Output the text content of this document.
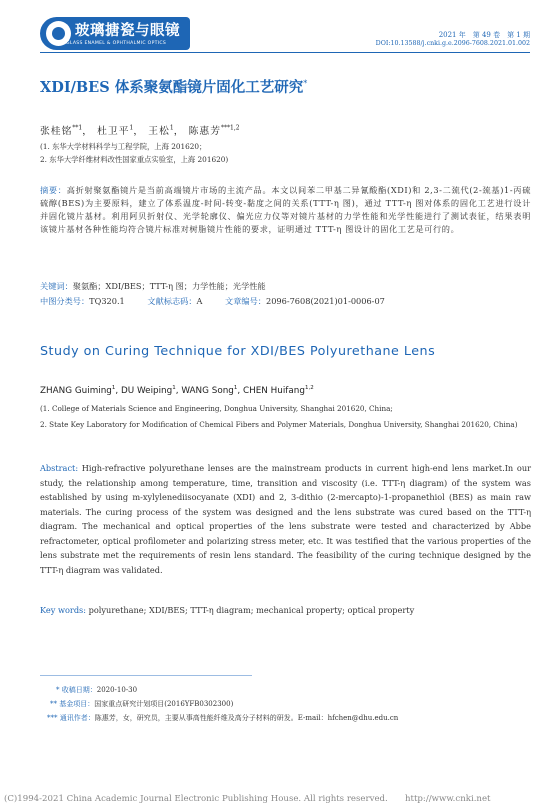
玻璃搪瓷与眼镜
GLASS ENAMEL & OPHTHALMIC OPTICS
2021 年　第 49 卷　第 1 期
DOI:10.13588/j.cnki.g.e.2096-7608.2021.01.002
XDI/BES 体系聚氨酯镜片固化工艺研究*
张桂铭$^{**1}$， 杜卫平$^1$， 王松$^1$， 陈惠芳$^{***1,2}$
(1. 东华大学材料科学与工程学院，上海 201620；
2. 东华大学纤维材料改性国家重点实验室，上海 201620)
摘要：高折射聚氨酯镜片是当前高端镜片市场的主流产品。本文以间苯二甲基二异氰酸酯(XDI)和 2,3-二巯代(2-巯基)1-丙硫硫醇(BES)为主要原料，建立了体系温度-时间-转变-黏度之间的关系(TTT-η 图)，通过 TTT-η 图对体系的固化工艺进行设计并固化镜片基材。利用阿贝折射仪、光学轮廓仪、偏光应力仪等对镜片基材的力学性能和光学性能进行了测试表征，结果表明该镜片基材各种性能均符合镜片标准对树脂镜片性能的要求，证明通过 TTT-η 图设计的固化工艺是可行的。
关键词：聚氨酯；XDI/BES；TTT-η 图；力学性能；光学性能
中图分类号：TQ320.1	文献标志码：A	文章编号：2096-7608(2021)01-0006-07
Study on Curing Technique for XDI/BES Polyurethane Lens
ZHANG Guiming$^1$, DU Weiping$^1$, WANG Song$^1$, CHEN Huifang$^{1,2}$
(1. College of Materials Science and Engineering, Donghua University, Shanghai 201620, China;
2. State Key Laboratory for Modification of Chemical Fibers and Polymer Materials, Donghua University, Shanghai 201620, China)
Abstract: High-refractive polyurethane lenses are the mainstream products in current high-end lens market.In our study, the relationship among temperature, time, transition and viscosity (i.e. TTT-η diagram) of the system was established by using m-xylylenediisocyanate (XDI) and 2, 3-dithio (2-mercapto)-1-propanethiol (BES) as main raw materials. The curing process of the system was designed and the lens substrate was cured based on the TTT-η diagram. The mechanical and optical properties of the lens substrate were tested and characterized by Abbe refractometer, optical profilometer and polarizing stress meter, etc. It was testified that the various properties of the lens substrate met the requirements of resin lens standard. The feasibility of the curing technique designed by the TTT-η diagram was validated.
Key words: polyurethane; XDI/BES; TTT-η diagram; mechanical property; optical property
* 收稿日期：2020-10-30
** 基金项目：国家重点研究计划项目(2016YFB0302300)
*** 通讯作者：陈惠芳，女，研究员，主要从事高性能纤维及高分子材料的研发。E-mail：hfchen@dhu.edu.cn
(C)1994-2021 China Academic Journal Electronic Publishing House. All rights reserved.　　http://www.cnki.net
